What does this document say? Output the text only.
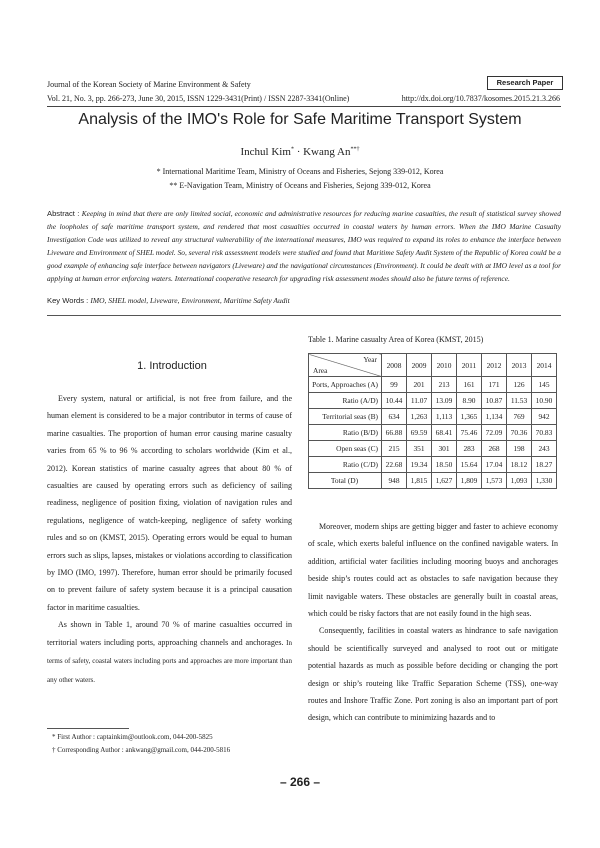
Journal of the Korean Society of Marine Environment & Safety	Research Paper
Vol. 21, No. 3, pp. 266-273, June 30, 2015, ISSN 1229-3431(Print) / ISSN 2287-3341(Online)	http://dx.doi.org/10.7837/kosomes.2015.21.3.266
Analysis of the IMO's Role for Safe Maritime Transport System
Inchul Kim* · Kwang An**†
* International Maritime Team, Ministry of Oceans and Fisheries, Sejong 339-012, Korea
** E-Navigation Team, Ministry of Oceans and Fisheries, Sejong 339-012, Korea
Abstract : Keeping in mind that there are only limited social, economic and administrative resources for reducing marine casualties, the result of statistical survey showed the loopholes of safe maritime transport system, and rendered that most casualties occurred in coastal waters by human errors. When the IMO Marine Casualty Investigation Code was utilized to reveal any structural vulnerability of the international measures, IMO was required to expand its roles to enhance the interface between Liveware and Environment of SHEL model. So, several risk assessment models were studied and found that Maritime Safety Audit System of the Republic of Korea could be a good example of enhancing safe interface between navigators (Liveware) and the navigational circumstances (Environment). It could be dealt with at IMO level as a tool for applying at human error enforcing waters. International cooperative research for upgrading risk assessment modes should also be future terms of reference.
Key Words : IMO, SHEL model, Liveware, Environment, Maritime Safety Audit
1. Introduction

Every system, natural or artificial, is not free from failure, and the human element is considered to be a major contributor in terms of cause of marine casualties. The proportion of human error causing marine casualty varies from 65 % to 96 % according to scholars worldwide (Kim et al., 2012). Korean statistics of marine casualty agrees that about 80 % of casualties are caused by operating errors such as deficiency of sailing readiness, negligence of position fixing, violation of navigation rules and regulations, negligence of watch-keeping, negligence of safety working rules and so on (KMST, 2015). Operating errors would be equal to human errors such as slips, lapses, mistakes or violations according to classification by IMO (IMO, 1997). Therefore, human error should be primarily focused on to prevent failure of safety system because it is a principal causation factor in maritime casualties.

As shown in Table 1, around 70 % of marine casualties occurred in territorial waters including ports, approaching channels and anchorages. In terms of safety, coastal waters including ports and approaches are more important than any other waters.

Table 1. Marine casualty Area of Korea (KMST, 2015)
Year
Area	2008	2009	2010	2011	2012	2013	2014
Ports, Approaches (A)	99	201	213	161	171	126	145
Ratio (A/D)	10.44	11.07	13.09	8.90	10.87	11.53	10.90
Territorial seas (B)	634	1,263	1,113	1,365	1,134	769	942
Ratio (B/D)	66.88	69.59	68.41	75.46	72.09	70.36	70.83
Open seas (C)	215	351	301	283	268	198	243
Ratio (C/D)	22.68	19.34	18.50	15.64	17.04	18.12	18.27
Total (D)	948	1,815	1,627	1,809	1,573	1,093	1,330

Moreover, modern ships are getting bigger and faster to achieve economy of scale, which exerts baleful influence on the confined navigable waters. In addition, artificial water facilities including mooring buoys and anchorages beside ship’s routes could act as obstacles to safe navigation because they limit navigable waters. These obstacles are generally built in coastal areas, which could be risky factors that are not easily found in the high seas.

Consequently, facilities in coastal waters as hindrance to safe navigation should be scientifically surveyed and analysed to root out or mitigate potential hazards as much as possible before deciding or changing the port design or ship’s routeing like Traffic Separation Scheme (TSS), one-way routes and Inshore Traffic Zone. Port zoning is also an important part of port design, which can contribute to minimizing hazards and to

* First Author : captainkim@outlook.com, 044-200-5825
† Corresponding Author : ankwang@gmail.com, 044-200-5816
– 266 –
